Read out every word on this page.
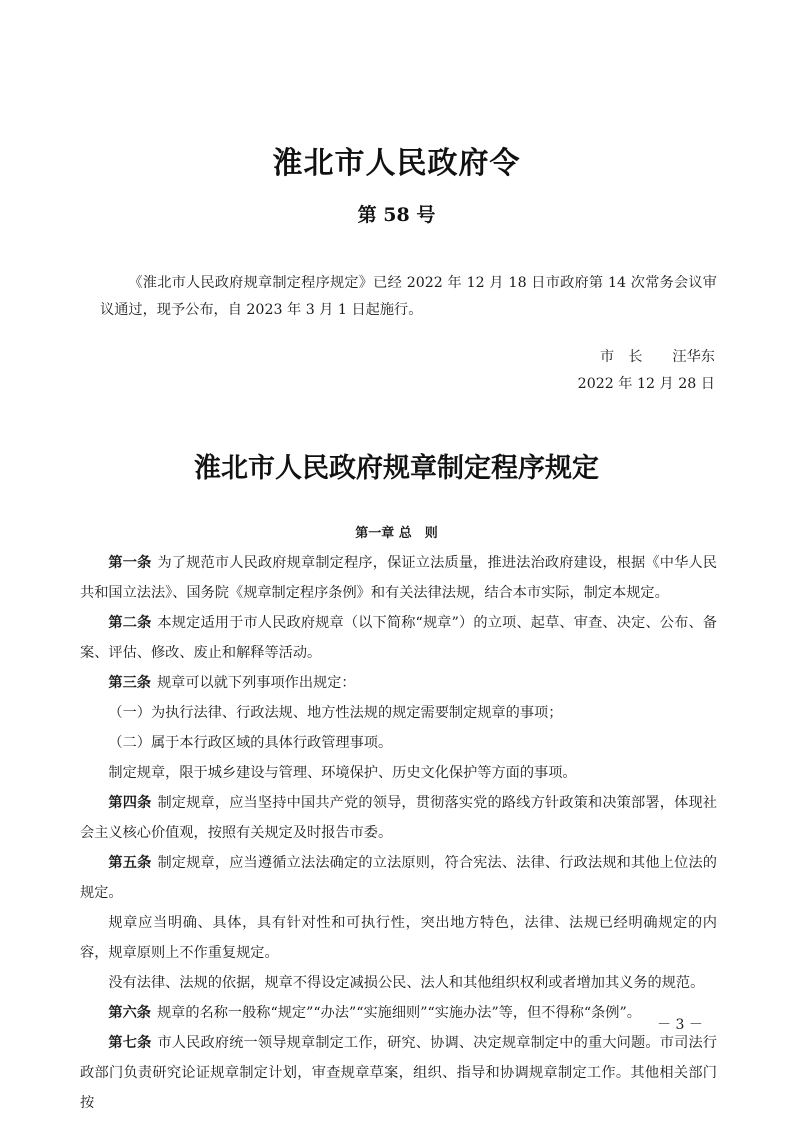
淮北市人民政府令
第 58 号

《淮北市人民政府规章制定程序规定》已经 2022 年 12 月 18 日市政府第 14 次常务会议审议通过，现予公布，自 2023 年 3 月 1 日起施行。

市 长 汪华东
2022 年 12 月 28 日
淮北市人民政府规章制定程序规定
第一章 总　则

第一条 为了规范市人民政府规章制定程序，保证立法质量，推进法治政府建设，根据《中华人民共和国立法法》、国务院《规章制定程序条例》和有关法律法规，结合本市实际，制定本规定。

第二条 本规定适用于市人民政府规章（以下简称“规章”）的立项、起草、审查、决定、公布、备案、评估、修改、废止和解释等活动。

第三条 规章可以就下列事项作出规定：

（一）为执行法律、行政法规、地方性法规的规定需要制定规章的事项；

（二）属于本行政区域的具体行政管理事项。

制定规章，限于城乡建设与管理、环境保护、历史文化保护等方面的事项。

第四条 制定规章，应当坚持中国共产党的领导，贯彻落实党的路线方针政策和决策部署，体现社会主义核心价值观，按照有关规定及时报告市委。

第五条 制定规章，应当遵循立法法确定的立法原则，符合宪法、法律、行政法规和其他上位法的规定。

规章应当明确、具体，具有针对性和可执行性，突出地方特色，法律、法规已经明确规定的内容，规章原则上不作重复规定。

没有法律、法规的依据，规章不得设定减损公民、法人和其他组织权利或者增加其义务的规范。

第六条 规章的名称一般称“规定”“办法”“实施细则”“实施办法”等，但不得称“条例”。

第七条 市人民政府统一领导规章制定工作，研究、协调、决定规章制定中的重大问题。市司法行政部门负责研究论证规章制定计划，审查规章草案，组织、指导和协调规章制定工作。其他相关部门按

－ 3 －
